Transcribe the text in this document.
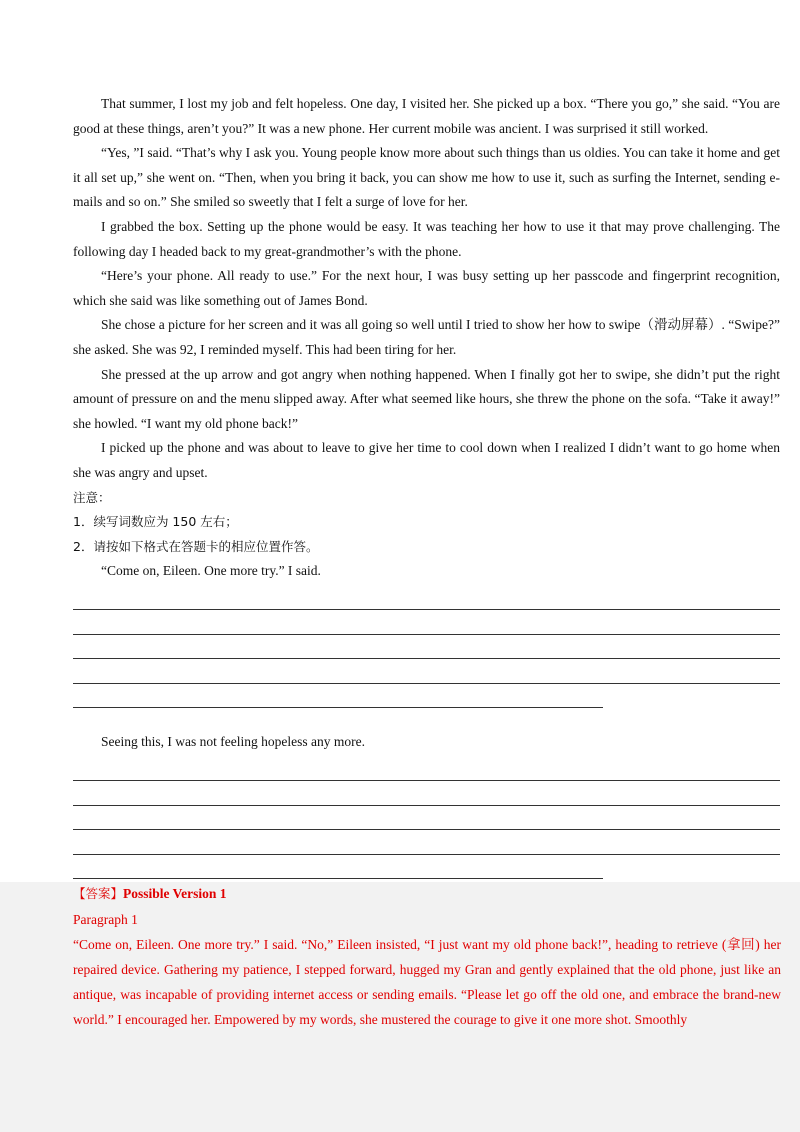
That summer, I lost my job and felt hopeless. One day, I visited her. She picked up a box. “There you go,” she said. “You are good at these things, aren’t you?” It was a new phone. Her current mobile was ancient. I was surprised it still worked.

“Yes, ”I said. “That’s why I ask you. Young people know more about such things than us oldies. You can take it home and get it all set up,” she went on. “Then, when you bring it back, you can show me how to use it, such as surfing the Internet, sending e-mails and so on.” She smiled so sweetly that I felt a surge of love for her.

I grabbed the box. Setting up the phone would be easy. It was teaching her how to use it that may prove challenging. The following day I headed back to my great-grandmother’s with the phone.

“Here’s your phone. All ready to use.” For the next hour, I was busy setting up her passcode and fingerprint recognition, which she said was like something out of James Bond.

She chose a picture for her screen and it was all going so well until I tried to show her how to swipe（滑动屏幕）. “Swipe?” she asked. She was 92, I reminded myself. This had been tiring for her.

She pressed at the up arrow and got angry when nothing happened. When I finally got her to swipe, she didn’t put the right amount of pressure on and the menu slipped away. After what seemed like hours, she threw the phone on the sofa. “Take it away!” she howled. “I want my old phone back!”

I picked up the phone and was about to leave to give her time to cool down when I realized I didn’t want to go home when she was angry and upset.

注意：

1．续写词数应为 150 左右；

2．请按如下格式在答题卡的相应位置作答。

“Come on, Eileen. One more try.” I said.

Seeing this, I was not feeling hopeless any more.

【答案】Possible Version 1

Paragraph 1

“Come on, Eileen. One more try.” I said. “No,” Eileen insisted, “I just want my old phone back!”, heading to retrieve (拿回) her repaired device. Gathering my patience, I stepped forward, hugged my Gran and gently explained that the old phone, just like an antique, was incapable of providing internet access or sending emails. “Please let go off the old one, and embrace the brand-new world.” I encouraged her. Empowered by my words, she mustered the courage to give it one more shot. Smoothly
